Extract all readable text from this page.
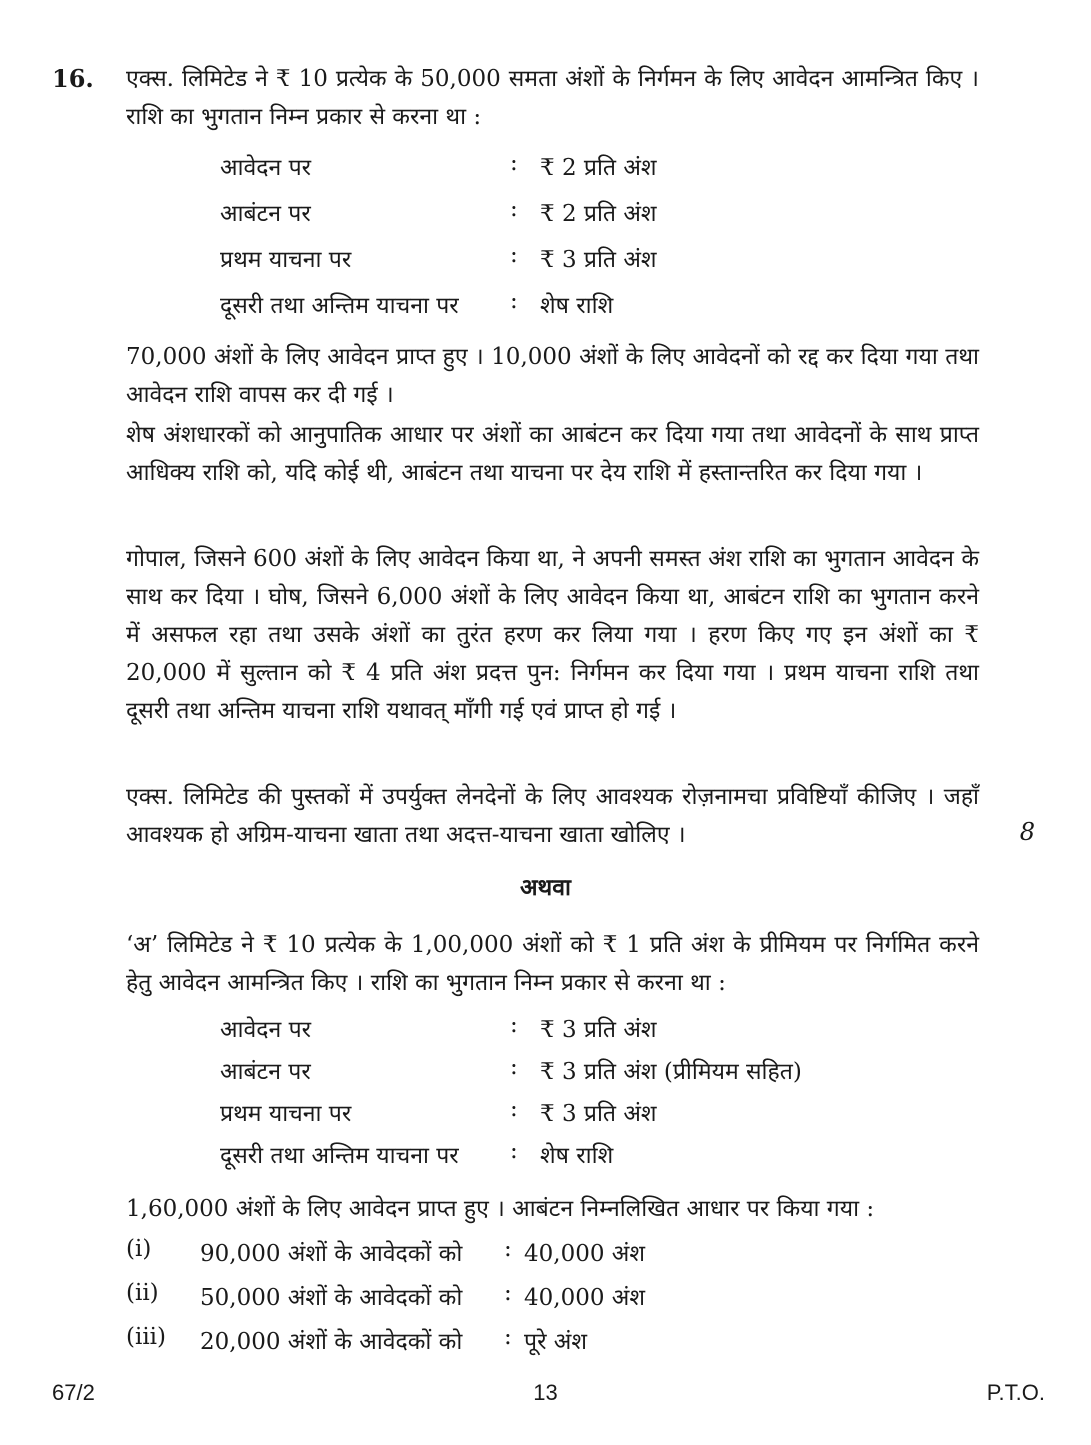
16. एक्स. लिमिटेड ने ₹ 10 प्रत्येक के 50,000 समता अंशों के निर्गमन के लिए आवेदन आमन्त्रित किए । राशि का भुगतान निम्न प्रकार से करना था :
आवेदन पर	: ₹ 2 प्रति अंश
आबंटन पर	: ₹ 2 प्रति अंश
प्रथम याचना पर	: ₹ 3 प्रति अंश
दूसरी तथा अन्तिम याचना पर : शेष राशि
70,000 अंशों के लिए आवेदन प्राप्त हुए । 10,000 अंशों के लिए आवेदनों को रद्द कर दिया गया तथा आवेदन राशि वापस कर दी गई ।
शेष अंशधारकों को आनुपातिक आधार पर अंशों का आबंटन कर दिया गया तथा आवेदनों के साथ प्राप्त आधिक्य राशि को, यदि कोई थी, आबंटन तथा याचना पर देय राशि में हस्तान्तरित कर दिया गया ।
गोपाल, जिसने 600 अंशों के लिए आवेदन किया था, ने अपनी समस्त अंश राशि का भुगतान आवेदन के साथ कर दिया । घोष, जिसने 6,000 अंशों के लिए आवेदन किया था, आबंटन राशि का भुगतान करने में असफल रहा तथा उसके अंशों का तुरंत हरण कर लिया गया । हरण किए गए इन अंशों का ₹ 20,000 में सुल्तान को ₹ 4 प्रति अंश प्रदत्त पुन: निर्गमन कर दिया गया । प्रथम याचना राशि तथा दूसरी तथा अन्तिम याचना राशि यथावत् माँगी गई एवं प्राप्त हो गई ।
एक्स. लिमिटेड की पुस्तकों में उपर्युक्त लेनदेनों के लिए आवश्यक रोज़नामचा प्रविष्टियाँ कीजिए । जहाँ आवश्यक हो अग्रिम-याचना खाता तथा अदत्त-याचना खाता खोलिए ।	8
अथवा
‘अ’ लिमिटेड ने ₹ 10 प्रत्येक के 1,00,000 अंशों को ₹ 1 प्रति अंश के प्रीमियम पर निर्गमित करने हेतु आवेदन आमन्त्रित किए । राशि का भुगतान निम्न प्रकार से करना था :
आवेदन पर	: ₹ 3 प्रति अंश
आबंटन पर	: ₹ 3 प्रति अंश (प्रीमियम सहित)
प्रथम याचना पर	: ₹ 3 प्रति अंश
दूसरी तथा अन्तिम याचना पर : शेष राशि
1,60,000 अंशों के लिए आवेदन प्राप्त हुए । आबंटन निम्नलिखित आधार पर किया गया :
(i) 90,000 अंशों के आवेदकों को : 40,000 अंश
(ii) 50,000 अंशों के आवेदकों को : 40,000 अंश
(iii) 20,000 अंशों के आवेदकों को : पूरे अंश
67/2	13	P.T.O.
